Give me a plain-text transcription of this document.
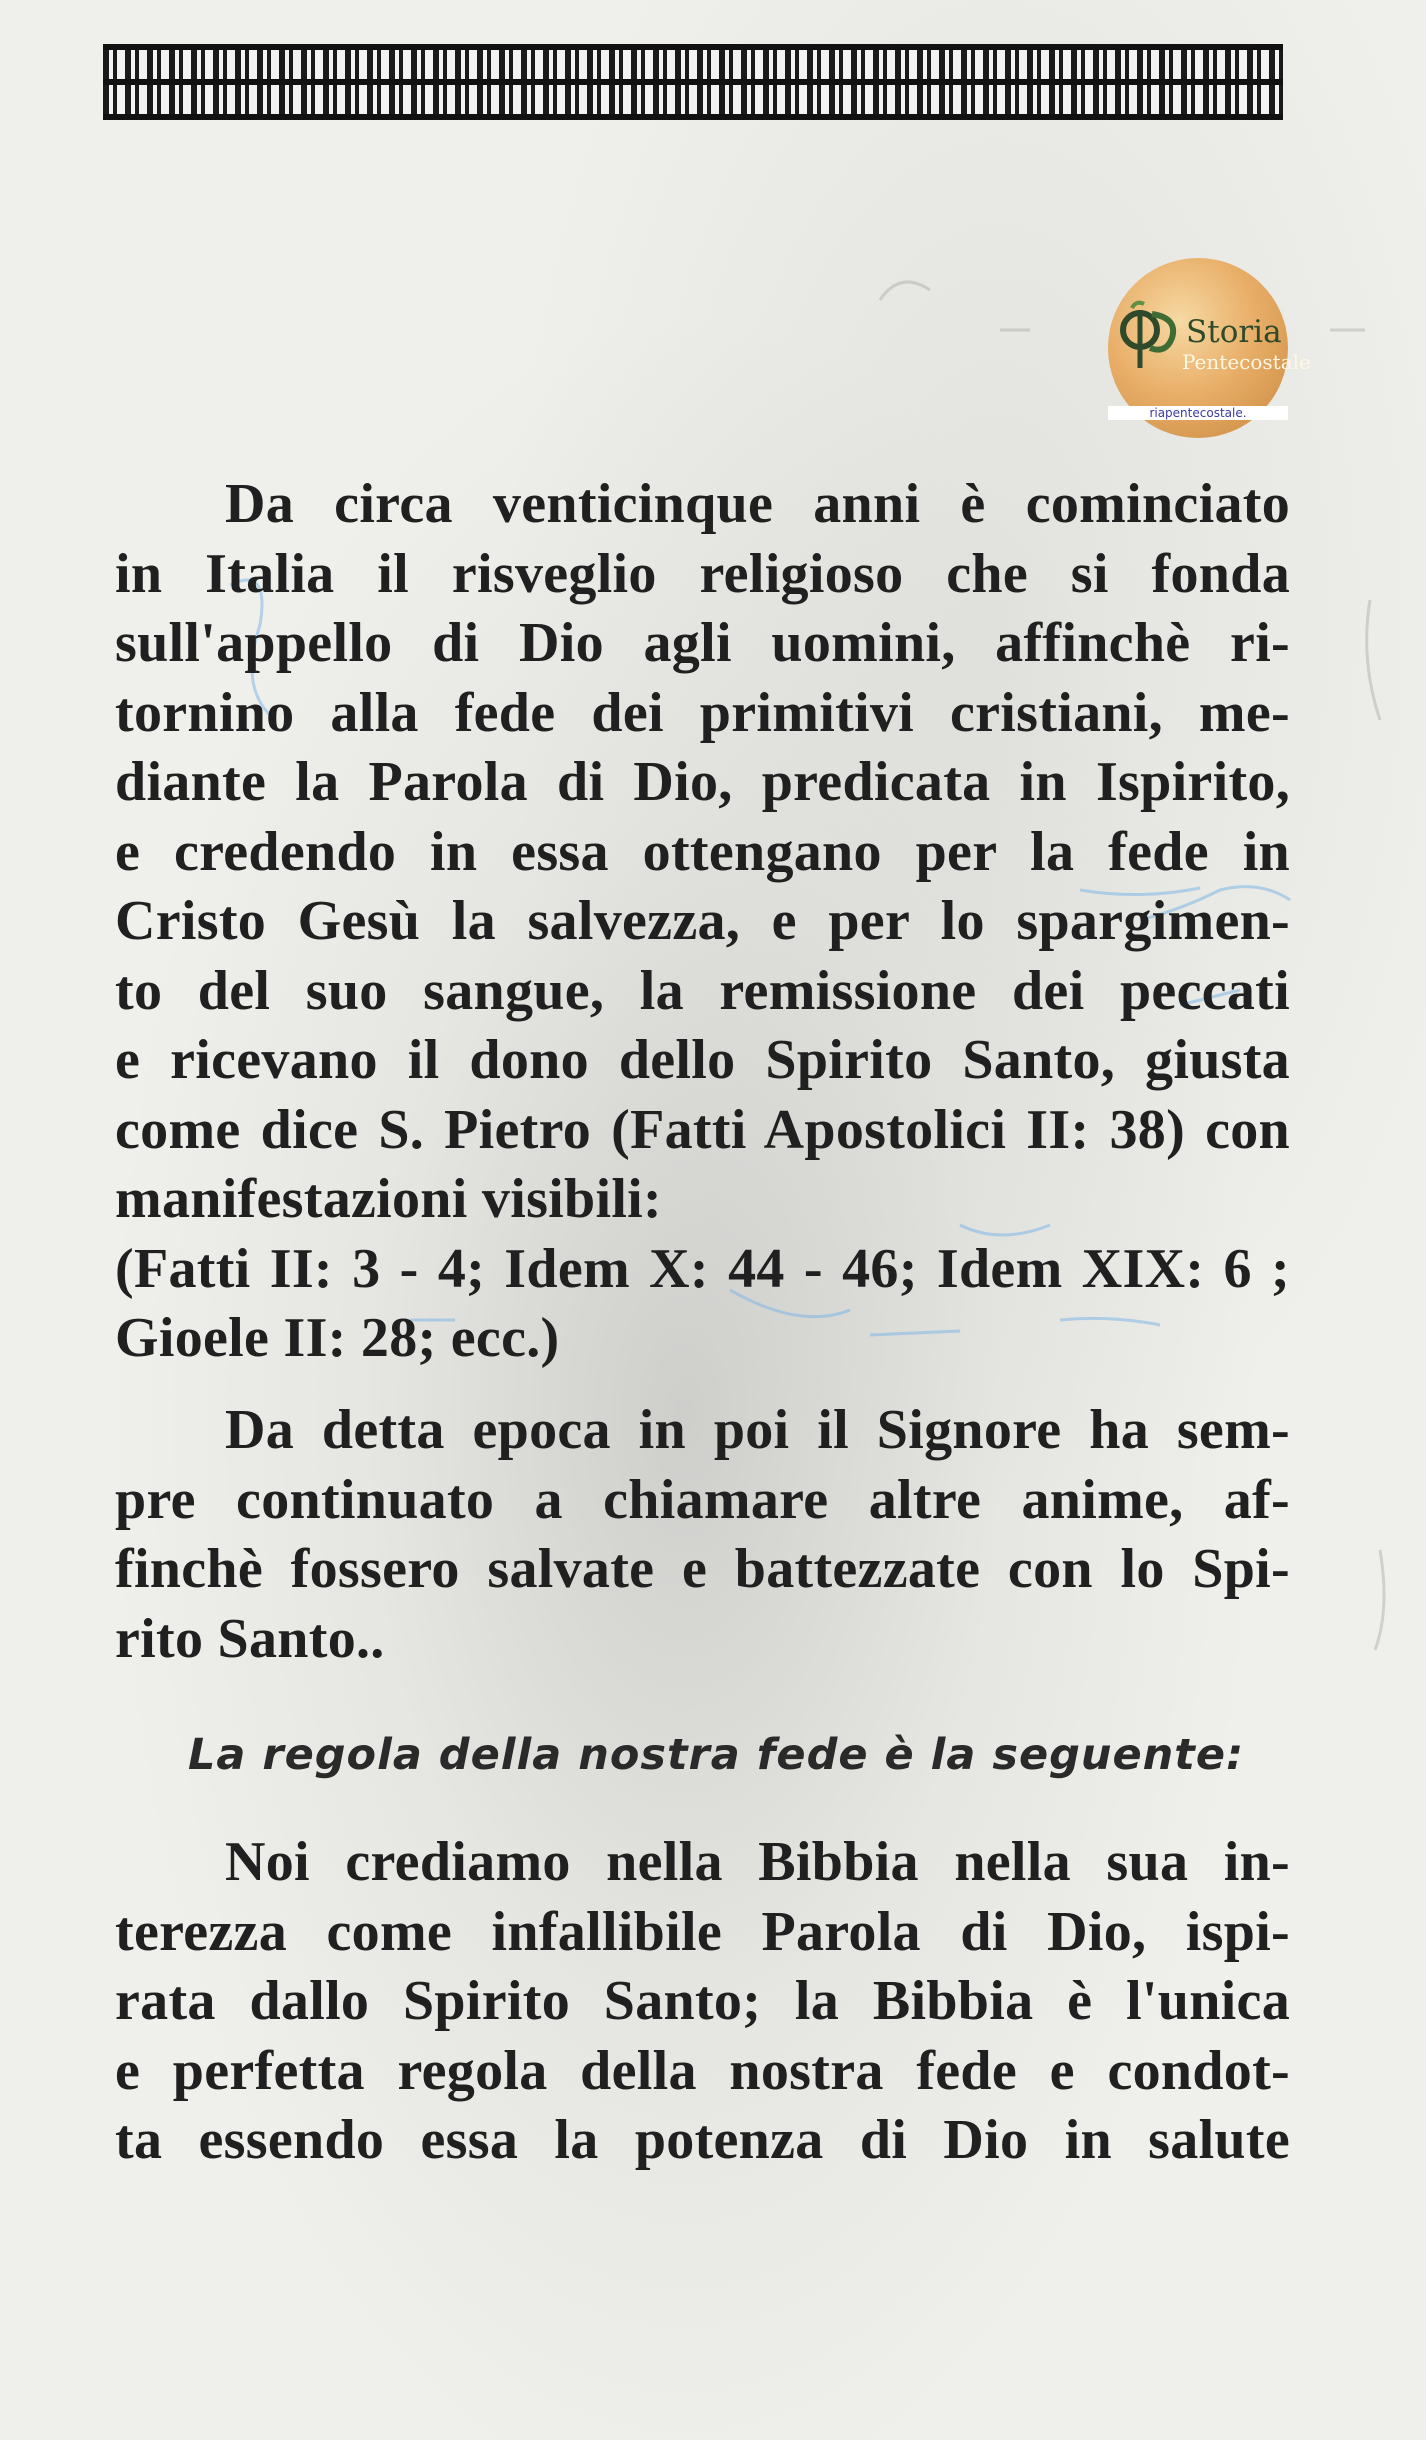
Storia
Pentecostale
riapentecostale.
Da circa venticinque anni è cominciato
in Italia il risveglio religioso che si fonda
sull'appello di Dio agli uomini, affinchè ri-
tornino alla fede dei primitivi cristiani, me-
diante la Parola di Dio, predicata in Ispirito,
e credendo in essa ottengano per la fede in
Cristo Gesù la salvezza, e per lo spargimen-
to del suo sangue, la remissione dei peccati
e ricevano il dono dello Spirito Santo, giusta
come dice S. Pietro (Fatti Apostolici II: 38) con
manifestazioni visibili:
(Fatti II: 3 - 4; Idem X: 44 - 46; Idem XIX: 6 ;
Gioele II: 28; ecc.)
Da detta epoca in poi il Signore ha sem-
pre continuato a chiamare altre anime, af-
finchè fossero salvate e battezzate con lo Spi-
rito Santo..
La regola della nostra fede è la seguente:
Noi crediamo nella Bibbia nella sua in-
terezza come infallibile Parola di Dio, ispi-
rata dallo Spirito Santo; la Bibbia è l'unica
e perfetta regola della nostra fede e condot-
ta essendo essa la potenza di Dio in salute
